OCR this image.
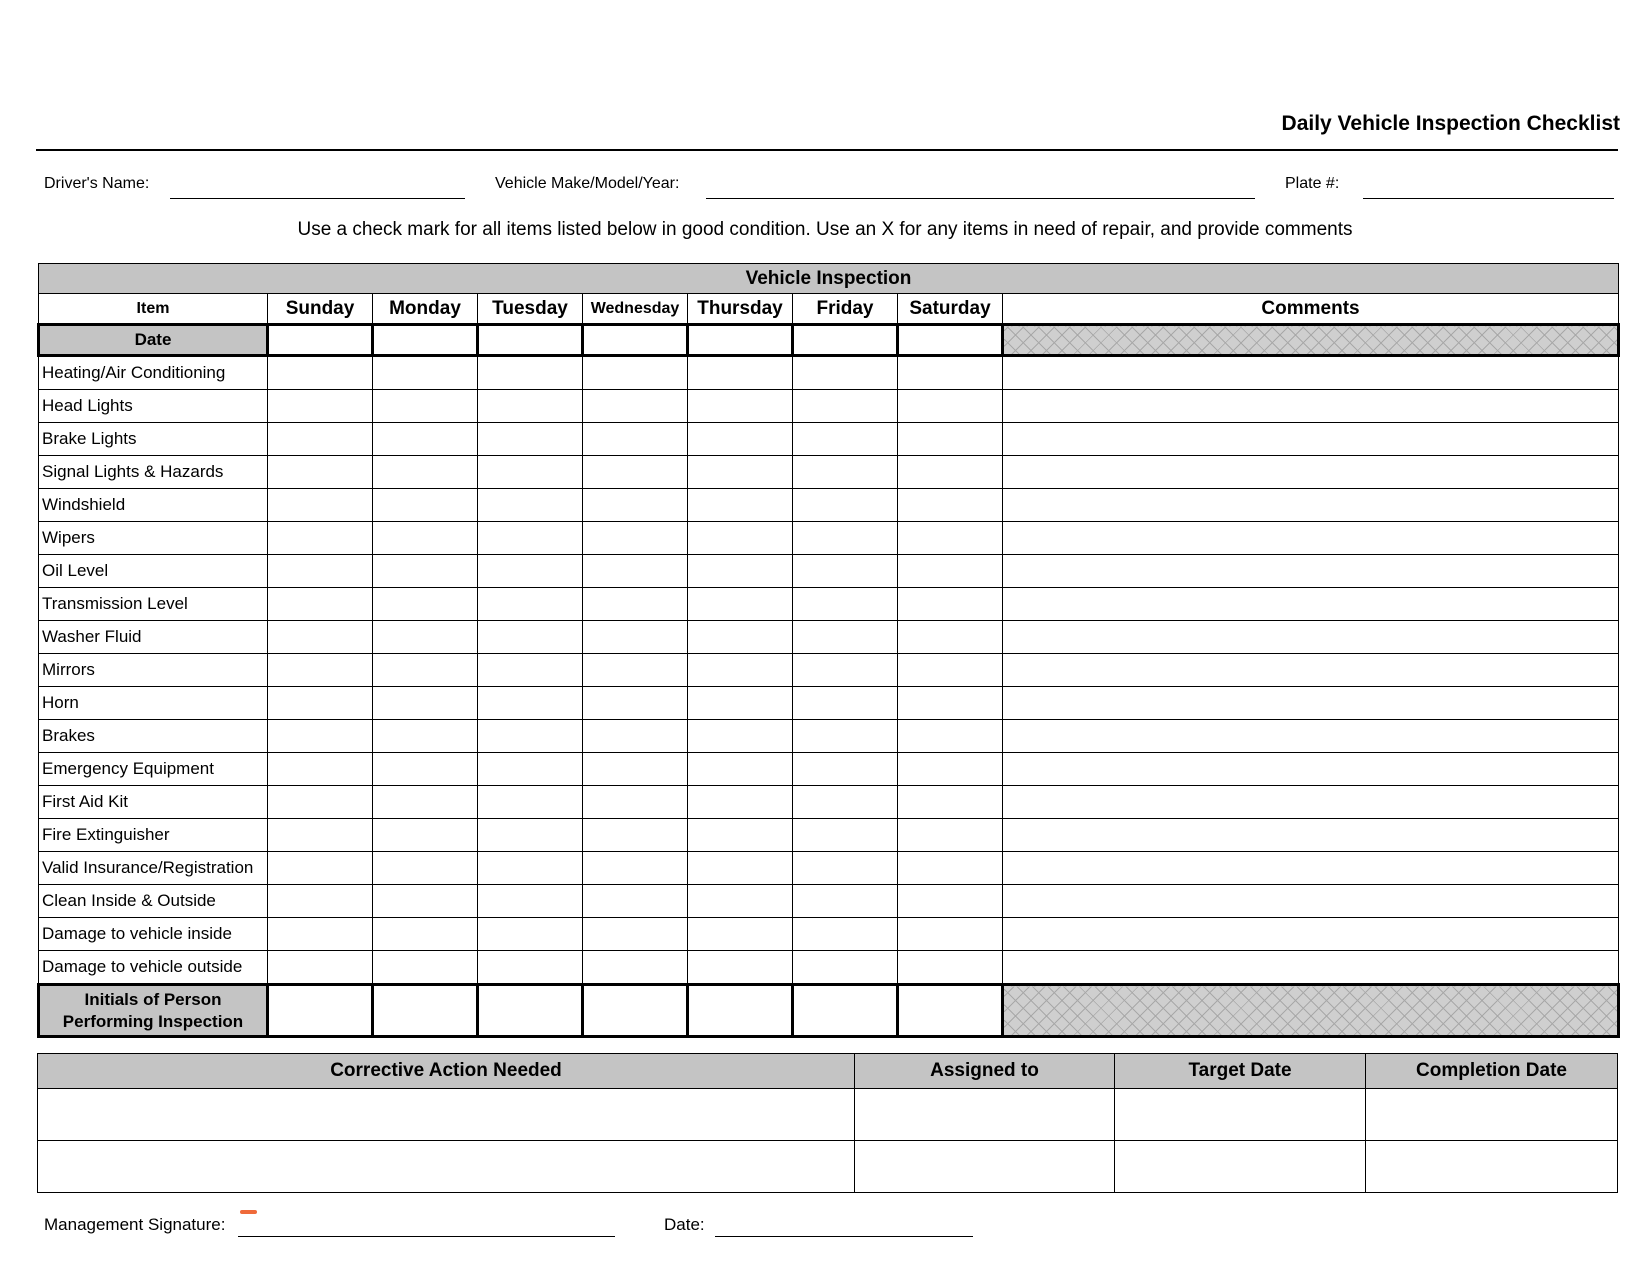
Daily Vehicle Inspection Checklist
Driver's Name:	Vehicle Make/Model/Year:	Plate #:
Use a check mark for all items listed below in good condition. Use an X for any items in need of repair, and provide comments
Vehicle Inspection								
Item	Sunday	Monday	Tuesday	Wednesday	Thursday	Friday	Saturday	Comments
Date								
Heating/Air Conditioning								
Head Lights								
Brake Lights								
Signal Lights & Hazards								
Windshield								
Wipers								
Oil Level								
Transmission Level								
Washer Fluid								
Mirrors								
Horn								
Brakes								
Emergency Equipment								
First Aid Kit								
Fire Extinguisher								
Valid Insurance/Registration								
Clean Inside & Outside								
Damage to vehicle inside								
Damage to vehicle outside								

Initials of Person
Performing Inspection								

Corrective Action Needed	Assigned to	Target Date	Completion Date

Management Signature:	Date:
